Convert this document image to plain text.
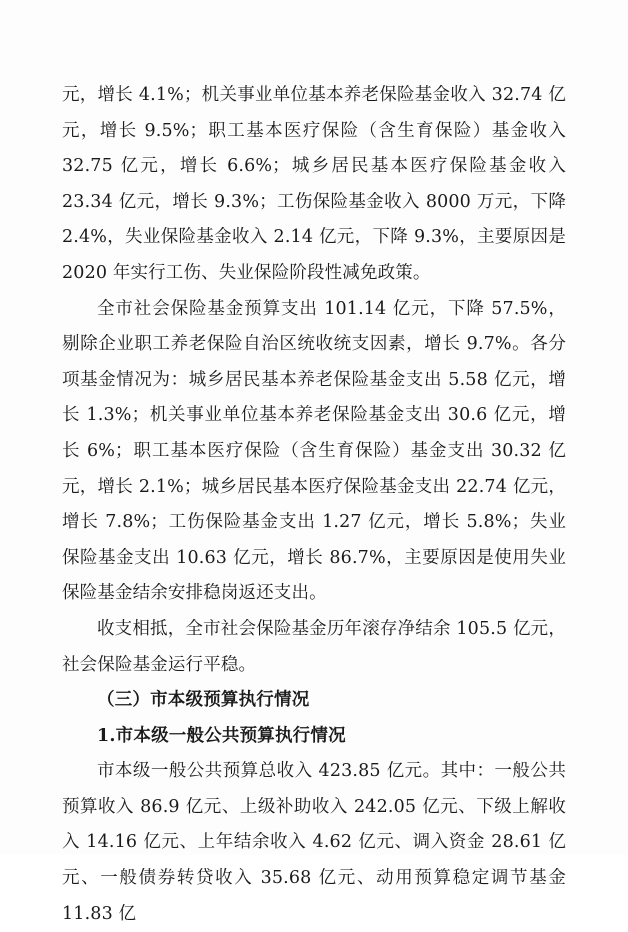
元，增长 4.1%；机关事业单位基本养老保险基金收入 32.74 亿元，增长 9.5%；职工基本医疗保险（含生育保险）基金收入 32.75 亿元，增长 6.6%；城乡居民基本医疗保险基金收入 23.34 亿元，增长 9.3%；工伤保险基金收入 8000 万元，下降 2.4%，失业保险基金收入 2.14 亿元，下降 9.3%，主要原因是 2020 年实行工伤、失业保险阶段性减免政策。

全市社会保险基金预算支出 101.14 亿元，下降 57.5%，剔除企业职工养老保险自治区统收统支因素，增长 9.7%。各分项基金情况为：城乡居民基本养老保险基金支出 5.58 亿元，增长 1.3%；机关事业单位基本养老保险基金支出 30.6 亿元，增长 6%；职工基本医疗保险（含生育保险）基金支出 30.32 亿元，增长 2.1%；城乡居民基本医疗保险基金支出 22.74 亿元，增长 7.8%；工伤保险基金支出 1.27 亿元，增长 5.8%；失业保险基金支出 10.63 亿元，增长 86.7%，主要原因是使用失业保险基金结余安排稳岗返还支出。

收支相抵，全市社会保险基金历年滚存净结余 105.5 亿元，社会保险基金运行平稳。

（三）市本级预算执行情况

1.市本级一般公共预算执行情况

市本级一般公共预算总收入 423.85 亿元。其中：一般公共预算收入 86.9 亿元、上级补助收入 242.05 亿元、下级上解收入 14.16 亿元、上年结余收入 4.62 亿元、调入资金 28.61 亿元、一般债券转贷收入 35.68 亿元、动用预算稳定调节基金 11.83 亿
